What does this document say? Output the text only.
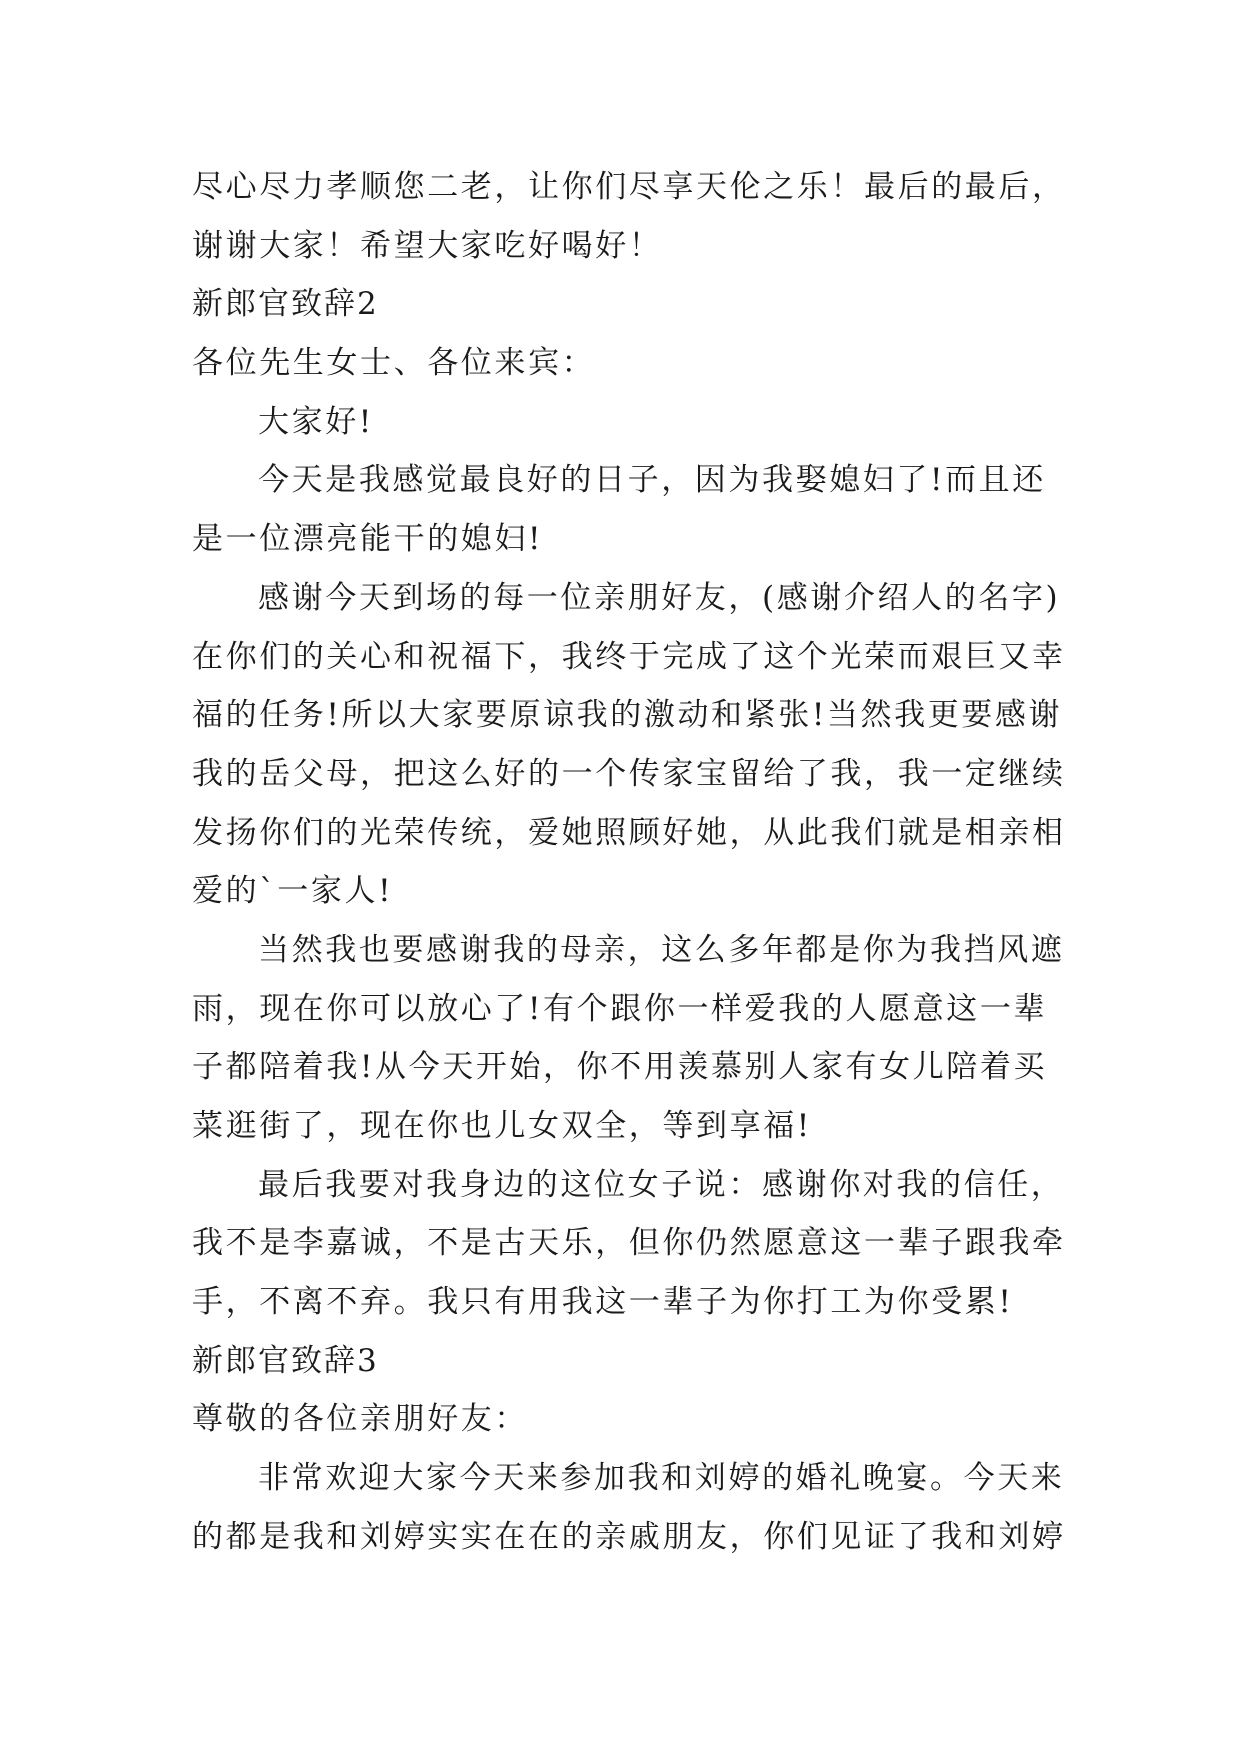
尽心尽力孝顺您二老，让你们尽享天伦之乐！最后的最后，
谢谢大家！希望大家吃好喝好！
新郎官致辞2
各位先生女士、各位来宾：
大家好!
今天是我感觉最良好的日子，因为我娶媳妇了!而且还
是一位漂亮能干的媳妇!
感谢今天到场的每一位亲朋好友，(感谢介绍人的名字)
在你们的关心和祝福下，我终于完成了这个光荣而艰巨又幸
福的任务!所以大家要原谅我的激动和紧张!当然我更要感谢
我的岳父母，把这么好的一个传家宝留给了我，我一定继续
发扬你们的光荣传统，爱她照顾好她，从此我们就是相亲相
爱的`一家人!
当然我也要感谢我的母亲，这么多年都是你为我挡风遮
雨，现在你可以放心了!有个跟你一样爱我的人愿意这一辈
子都陪着我!从今天开始，你不用羡慕别人家有女儿陪着买
菜逛街了，现在你也儿女双全，等到享福!
最后我要对我身边的这位女子说：感谢你对我的信任，
我不是李嘉诚，不是古天乐，但你仍然愿意这一辈子跟我牵
手，不离不弃。我只有用我这一辈子为你打工为你受累!
新郎官致辞3
尊敬的各位亲朋好友：
非常欢迎大家今天来参加我和刘婷的婚礼晚宴。今天来
的都是我和刘婷实实在在的亲戚朋友，你们见证了我和刘婷
